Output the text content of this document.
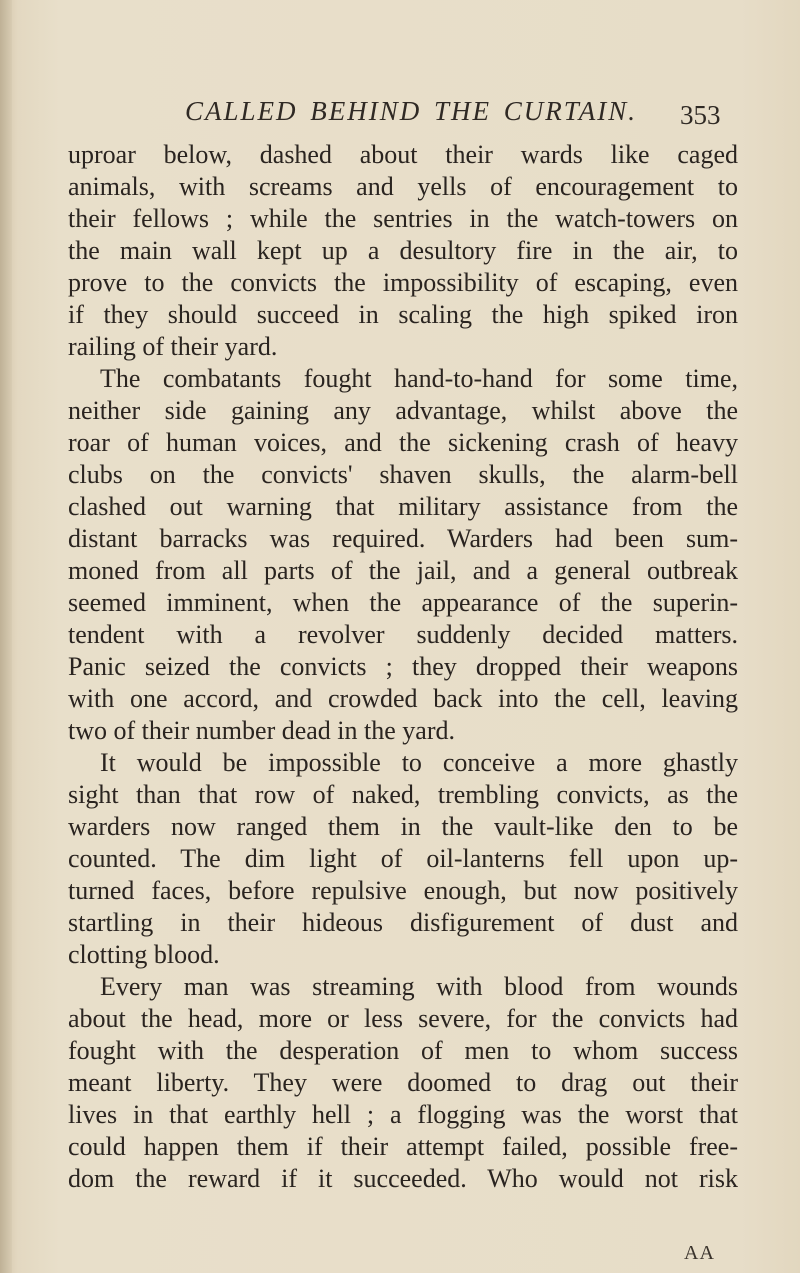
CALLED BEHIND THE CURTAIN.	353
uproar below, dashed about their wards like caged
animals, with screams and yells of encouragement to
their fellows ; while the sentries in the watch-towers on
the main wall kept up a desultory fire in the air, to
prove to the convicts the impossibility of escaping, even
if they should succeed in scaling the high spiked iron
railing of their yard.
The combatants fought hand-to-hand for some time,
neither side gaining any advantage, whilst above the
roar of human voices, and the sickening crash of heavy
clubs on the convicts' shaven skulls, the alarm-bell
clashed out warning that military assistance from the
distant barracks was required. Warders had been sum-
moned from all parts of the jail, and a general outbreak
seemed imminent, when the appearance of the superin-
tendent with a revolver suddenly decided matters.
Panic seized the convicts ; they dropped their weapons
with one accord, and crowded back into the cell, leaving
two of their number dead in the yard.
It would be impossible to conceive a more ghastly
sight than that row of naked, trembling convicts, as the
warders now ranged them in the vault-like den to be
counted. The dim light of oil-lanterns fell upon up-
turned faces, before repulsive enough, but now positively
startling in their hideous disfigurement of dust and
clotting blood.
Every man was streaming with blood from wounds
about the head, more or less severe, for the convicts had
fought with the desperation of men to whom success
meant liberty. They were doomed to drag out their
lives in that earthly hell ; a flogging was the worst that
could happen them if their attempt failed, possible free-
dom the reward if it succeeded. Who would not risk
AA
